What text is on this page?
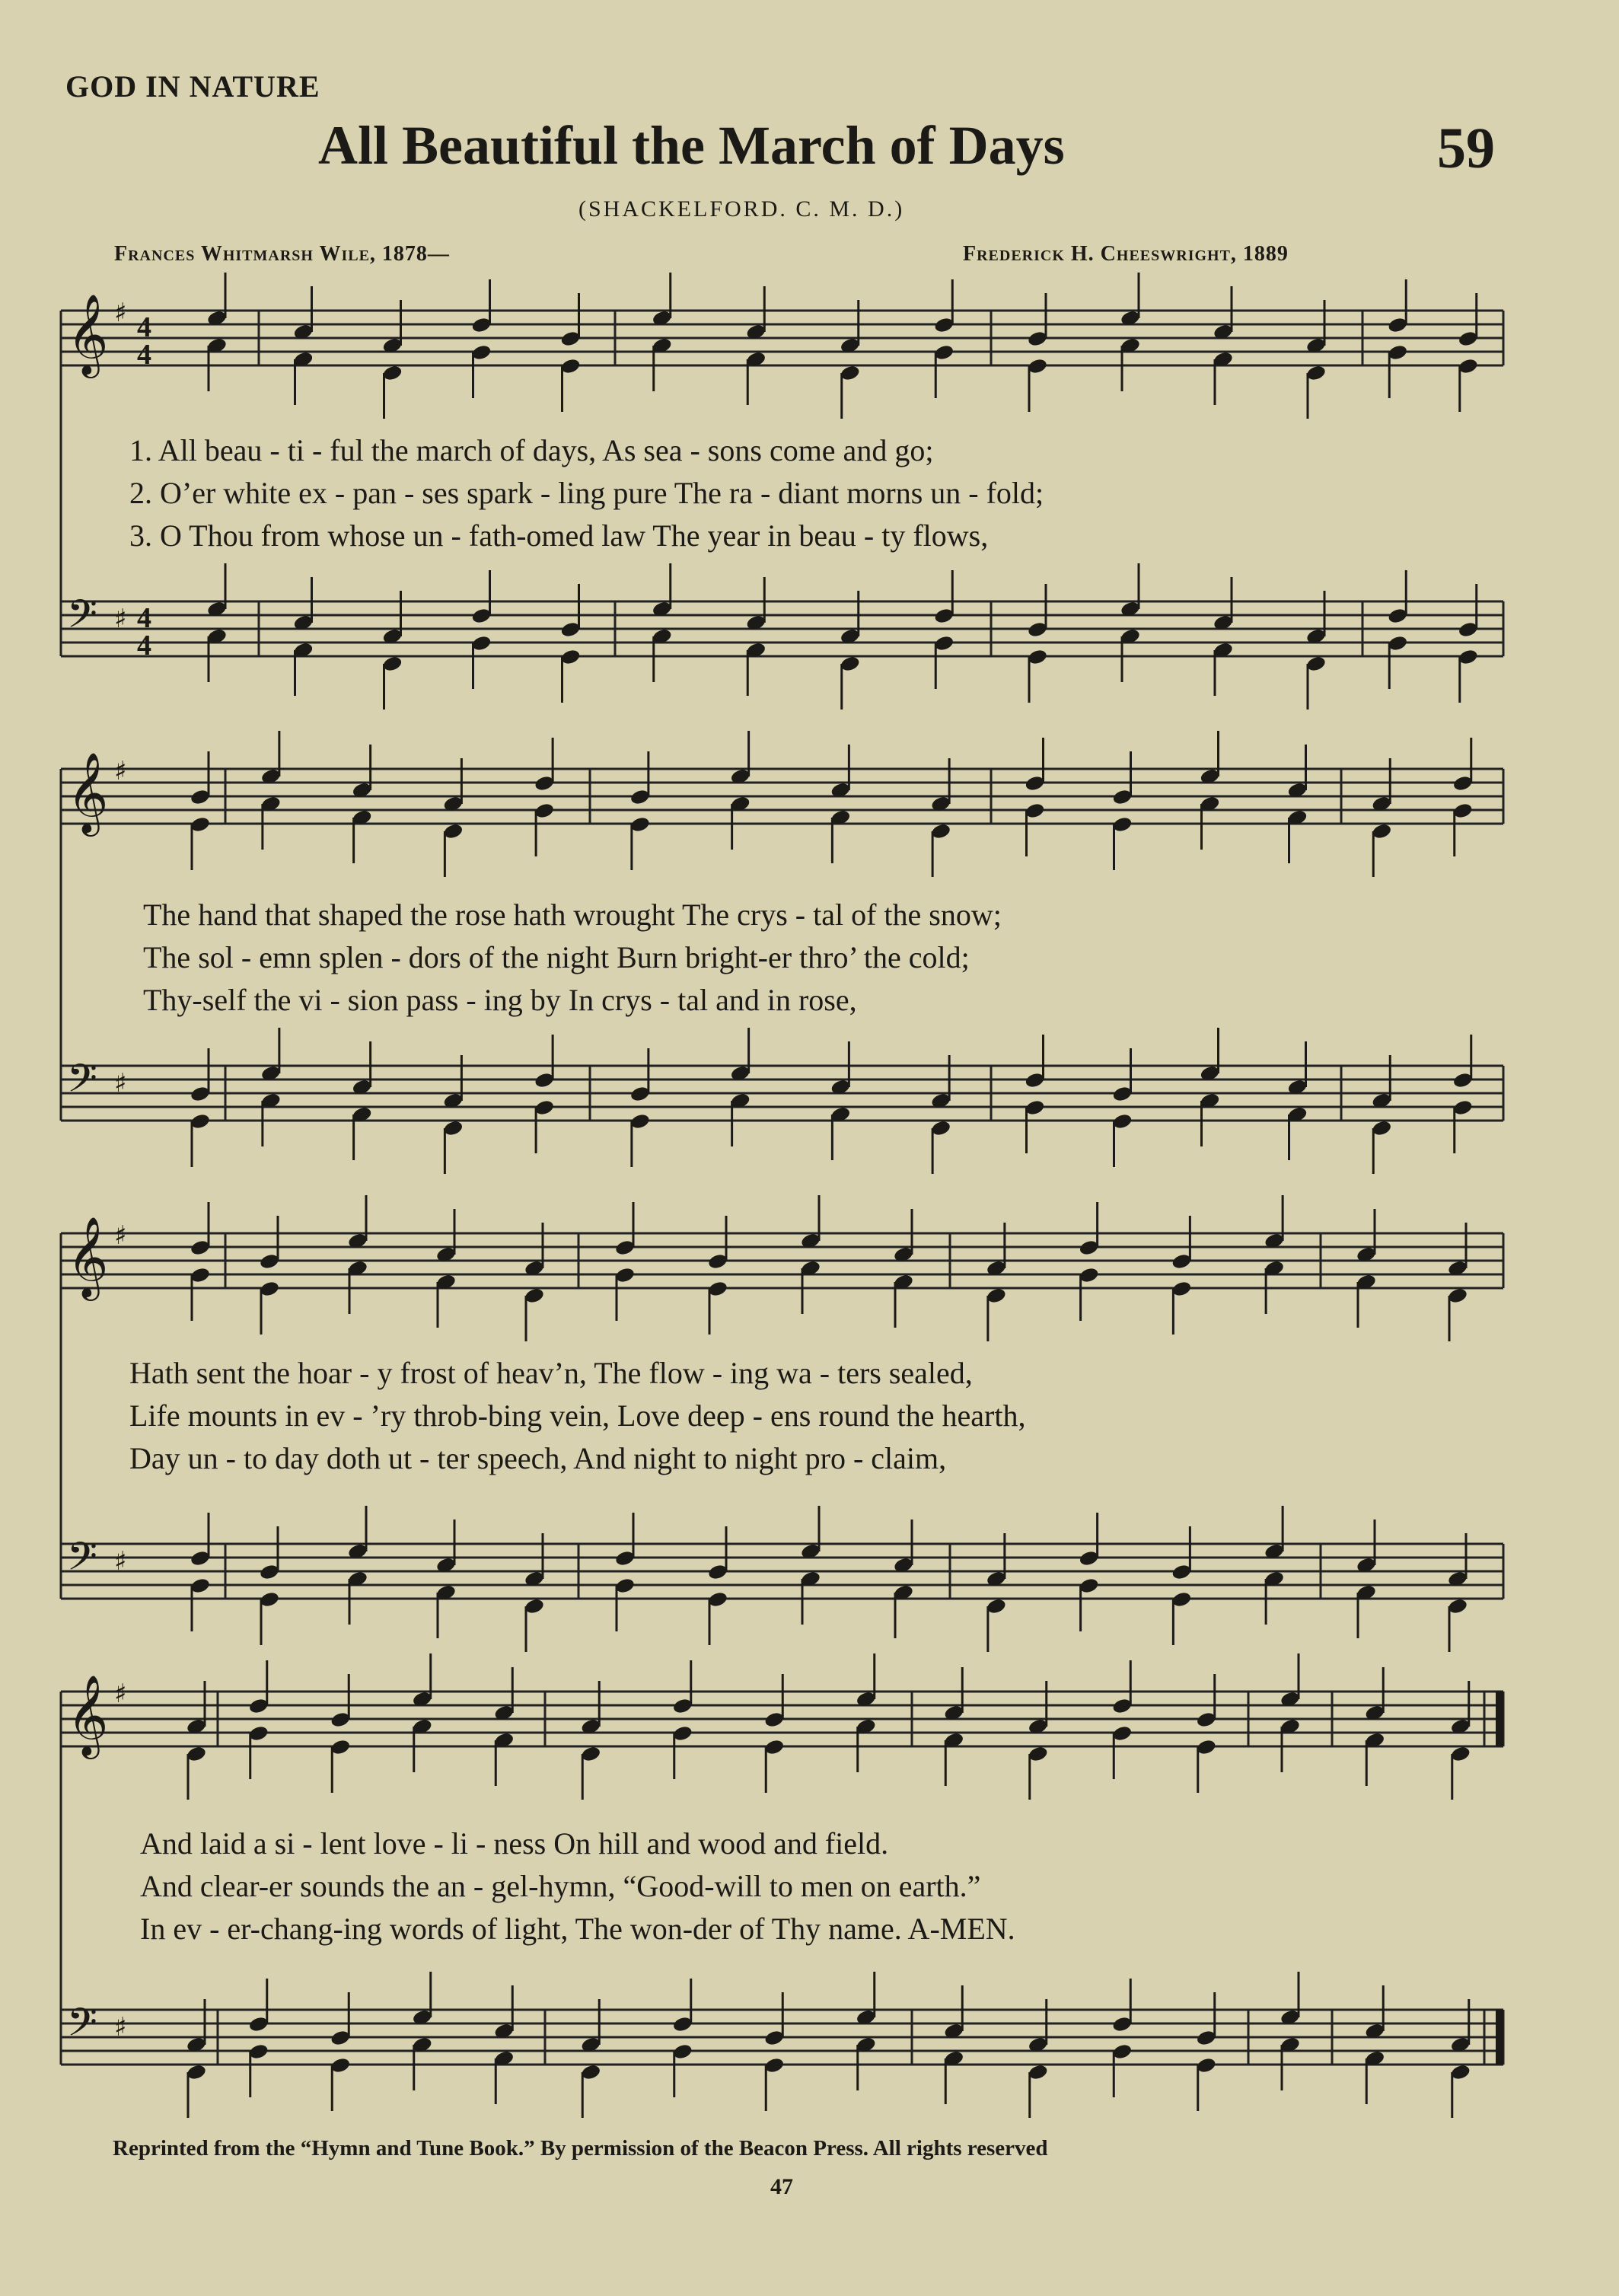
GOD IN NATURE
All Beautiful the March of Days	59
(SHACKELFORD. C. M. D.)
Frances Whitmarsh Wile, 1878—	Frederick H. Cheeswright, 1889
𝄞 ♯ 4
4
𝄢 ♯ 4
4
𝄞 ♯
𝄢 ♯
𝄞 ♯
𝄢 ♯
𝄞 ♯
𝄢 ♯
1. All beau - ti - ful the march of days, As sea - sons come and go;
2. O’er white ex - pan - ses spark - ling pure The ra - diant morns un - fold;
3. O Thou from whose un - fath-omed law The year in beau - ty flows,
The hand that shaped the rose hath wrought The crys - tal of the snow;
The sol - emn splen - dors of the night Burn bright-er thro’ the cold;
Thy-self the vi - sion pass - ing by In crys - tal and in rose,
Hath sent the hoar - y frost of heav’n, The flow - ing wa - ters sealed,
Life mounts in ev - ’ry throb-bing vein, Love deep - ens round the hearth,
Day un - to day doth ut - ter speech, And night to night pro - claim,
And laid a si - lent love - li - ness On hill and wood and field.
And clear-er sounds the an - gel-hymn, “Good-will to men on earth.”
In ev - er-chang-ing words of light, The won-der of Thy name. A-MEN.
Reprinted from the “Hymn and Tune Book.” By permission of the Beacon Press. All rights reserved
47
